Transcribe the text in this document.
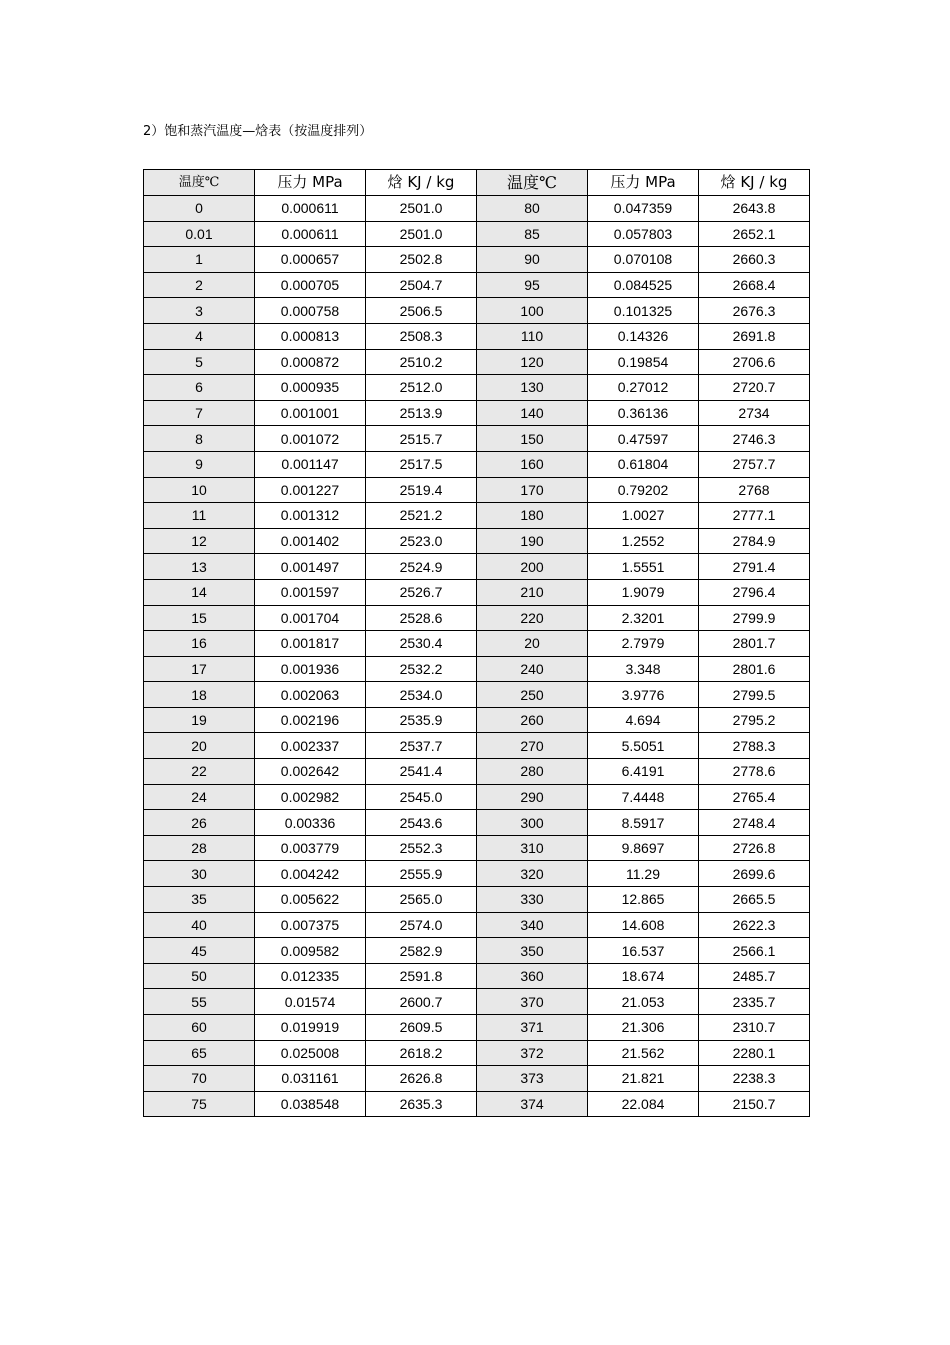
2）饱和蒸汽温度—焓表（按温度排列）
温度℃	压力 MPa	焓 KJ / kg	温度℃	压力 MPa	焓 KJ / kg
0	0.000611	2501.0	80	0.047359	2643.8
0.01	0.000611	2501.0	85	0.057803	2652.1
1	0.000657	2502.8	90	0.070108	2660.3
2	0.000705	2504.7	95	0.084525	2668.4
3	0.000758	2506.5	100	0.101325	2676.3
4	0.000813	2508.3	110	0.14326	2691.8
5	0.000872	2510.2	120	0.19854	2706.6
6	0.000935	2512.0	130	0.27012	2720.7
7	0.001001	2513.9	140	0.36136	2734
8	0.001072	2515.7	150	0.47597	2746.3
9	0.001147	2517.5	160	0.61804	2757.7
10	0.001227	2519.4	170	0.79202	2768
11	0.001312	2521.2	180	1.0027	2777.1
12	0.001402	2523.0	190	1.2552	2784.9
13	0.001497	2524.9	200	1.5551	2791.4
14	0.001597	2526.7	210	1.9079	2796.4
15	0.001704	2528.6	220	2.3201	2799.9
16	0.001817	2530.4	20	2.7979	2801.7
17	0.001936	2532.2	240	3.348	2801.6
18	0.002063	2534.0	250	3.9776	2799.5
19	0.002196	2535.9	260	4.694	2795.2
20	0.002337	2537.7	270	5.5051	2788.3
22	0.002642	2541.4	280	6.4191	2778.6
24	0.002982	2545.0	290	7.4448	2765.4
26	0.00336	2543.6	300	8.5917	2748.4
28	0.003779	2552.3	310	9.8697	2726.8
30	0.004242	2555.9	320	11.29	2699.6
35	0.005622	2565.0	330	12.865	2665.5
40	0.007375	2574.0	340	14.608	2622.3
45	0.009582	2582.9	350	16.537	2566.1
50	0.012335	2591.8	360	18.674	2485.7
55	0.01574	2600.7	370	21.053	2335.7
60	0.019919	2609.5	371	21.306	2310.7
65	0.025008	2618.2	372	21.562	2280.1
70	0.031161	2626.8	373	21.821	2238.3
75	0.038548	2635.3	374	22.084	2150.7
